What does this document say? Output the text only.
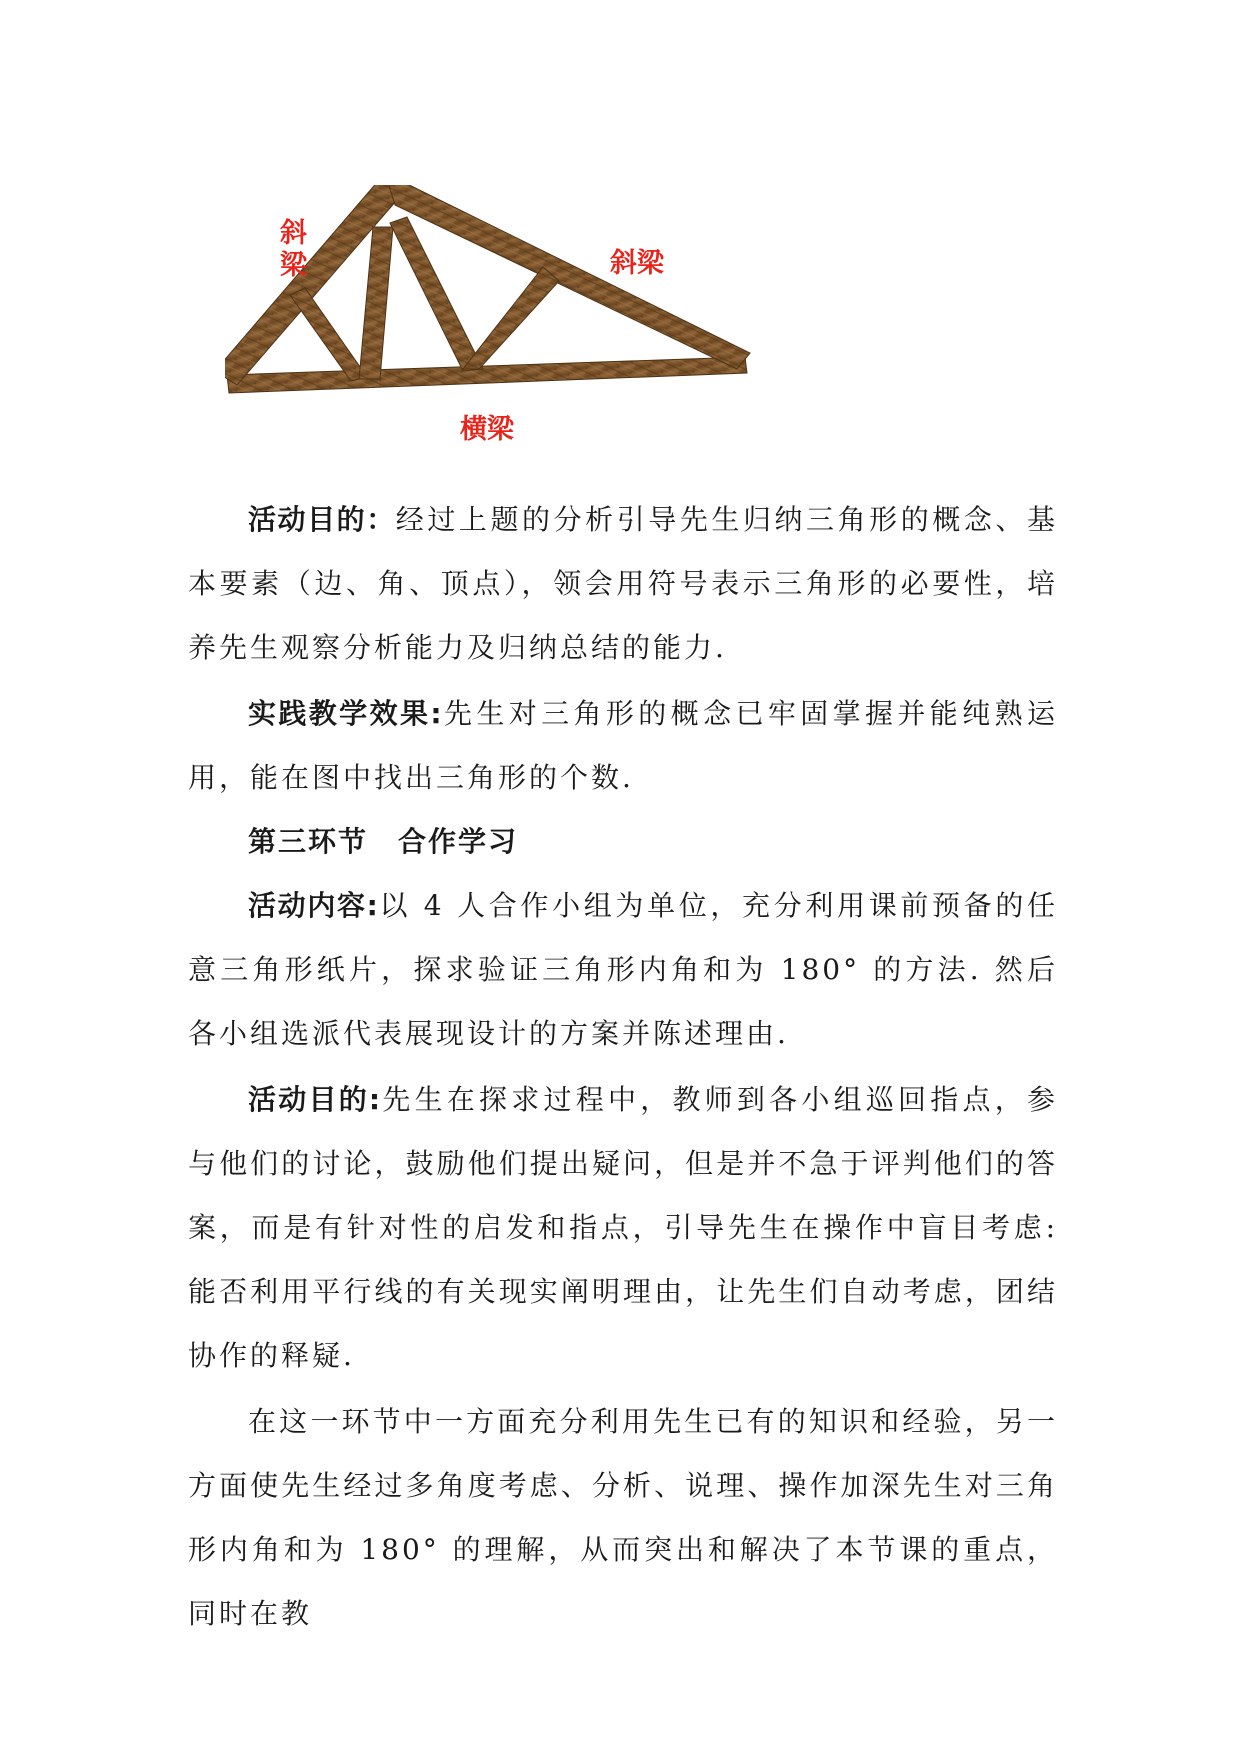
斜梁	斜梁
横梁

活动目的：经过上题的分析引导先生归纳三角形的概念、基本要素（边、角、顶点），领会用符号表示三角形的必要性，培养先生观察分析能力及归纳总结的能力.

实践教学效果:先生对三角形的概念已牢固掌握并能纯熟运用，能在图中找出三角形的个数.

第三环节 合作学习

活动内容:以 4 人合作小组为单位，充分利用课前预备的任意三角形纸片，探求验证三角形内角和为 180° 的方法. 然后各小组选派代表展现设计的方案并陈述理由.

活动目的:先生在探求过程中，教师到各小组巡回指点，参与他们的讨论，鼓励他们提出疑问，但是并不急于评判他们的答案，而是有针对性的启发和指点，引导先生在操作中盲目考虑: 能否利用平行线的有关现实阐明理由，让先生们自动考虑，团结协作的释疑.

在这一环节中一方面充分利用先生已有的知识和经验，另一方面使先生经过多角度考虑、分析、说理、操作加深先生对三角形内角和为 180° 的理解，从而突出和解决了本节课的重点，同时在教
